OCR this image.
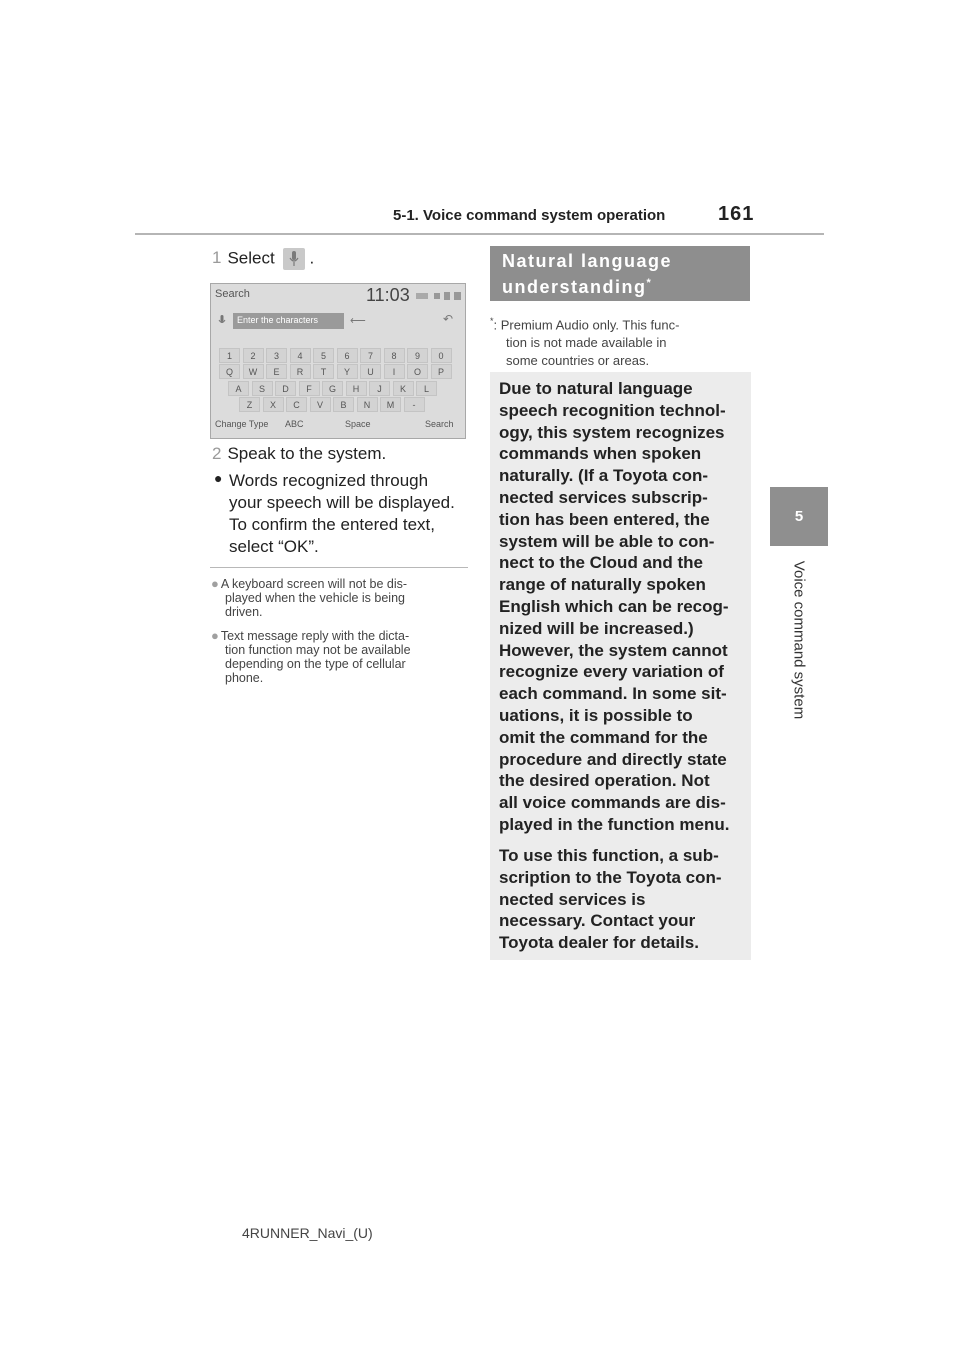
5-1. Voice command system operation	161
5
Voice command system
1 Select .
Search	11:03
Enter the characters	⟵	↶
1	2	3	4	5	6	7	8	9	0
Q	W	E	R	T	Y	U	I	O	P
A	S	D	F	G	H	J	K	L
Z	X	C	V	B	N	M	-
Change Type ABC	Space	Search
2 Speak to the system.
● Words recognized through
your speech will be displayed.
To confirm the entered text,
select “OK”.
● A keyboard screen will not be dis-
played when the vehicle is being
driven.
● Text message reply with the dicta-
tion function may not be available
depending on the type of cellular
phone.
Natural language
understanding*
*: Premium Audio only. This func-
tion is not made available in
some countries or areas.
Due to natural language
speech recognition technol-
ogy, this system recognizes
commands when spoken
naturally. (If a Toyota con-
nected services subscrip-
tion has been entered, the
system will be able to con-
nect to the Cloud and the
range of naturally spoken
English which can be recog-
nized will be increased.)
However, the system cannot
recognize every variation of
each command. In some sit-
uations, it is possible to
omit the command for the
procedure and directly state
the desired operation. Not
all voice commands are dis-
played in the function menu.
To use this function, a sub-
scription to the Toyota con-
nected services is
necessary. Contact your
Toyota dealer for details.
4RUNNER_Navi_(U)
